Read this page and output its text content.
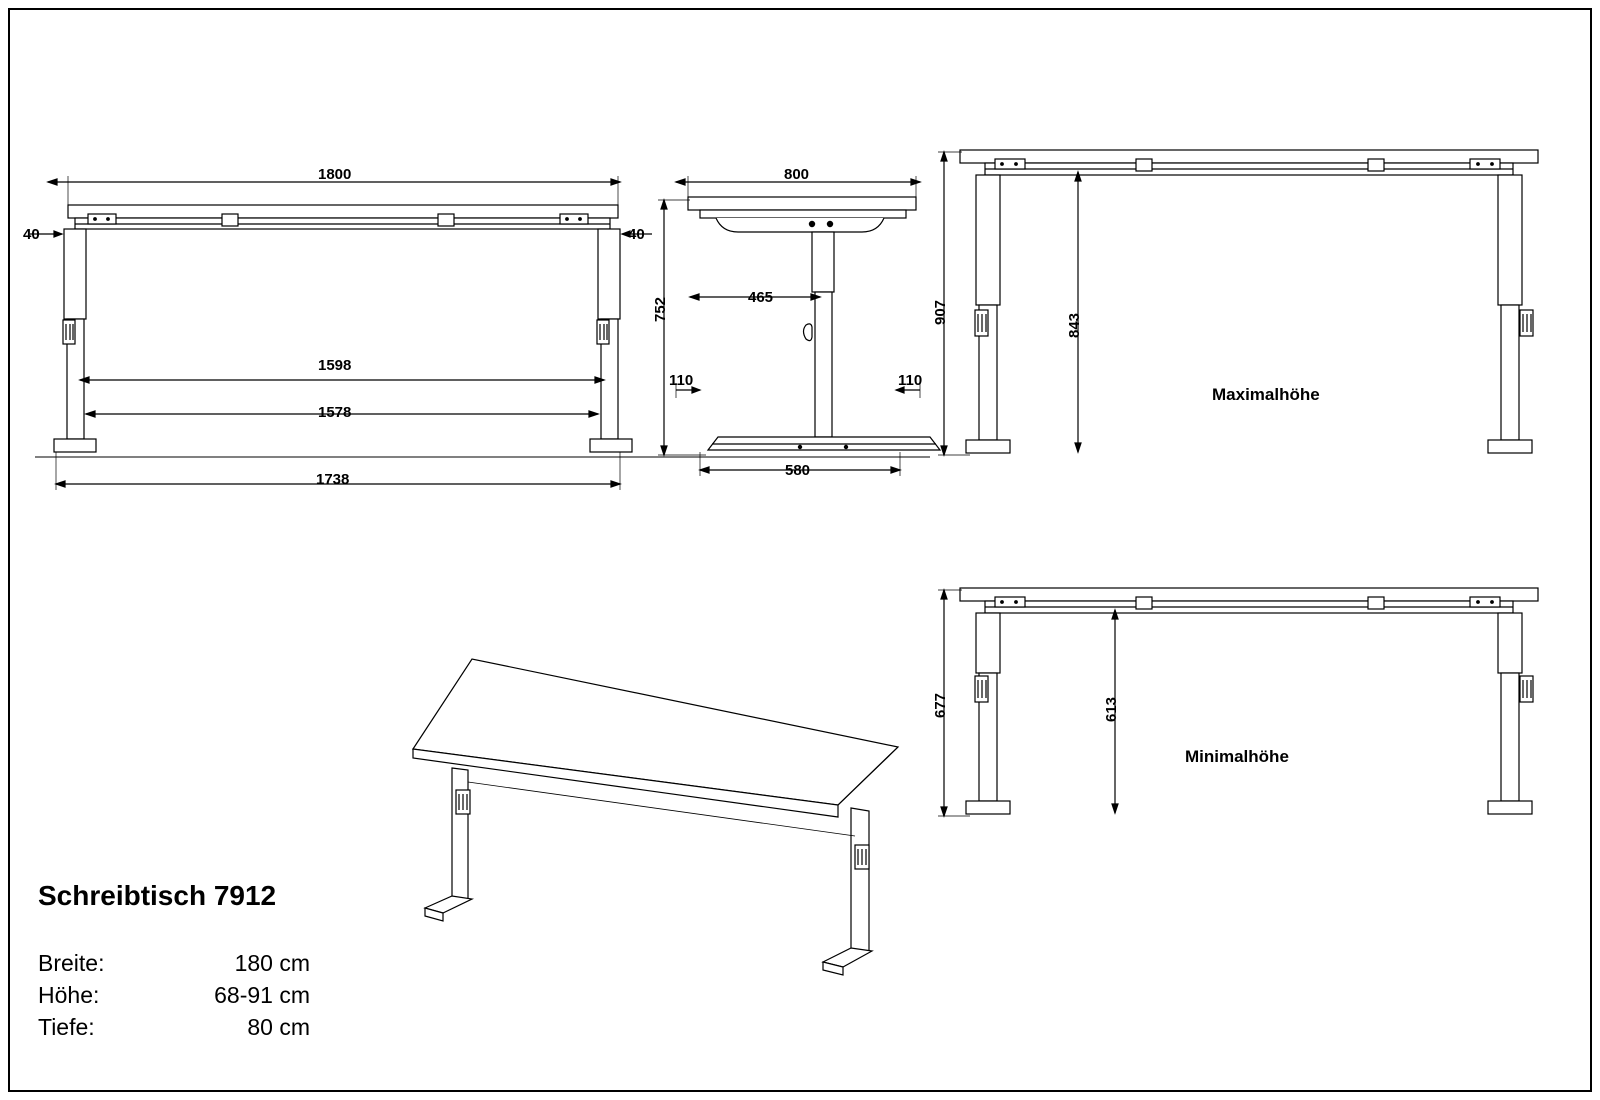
1800
40	40
1598
1578
1738
800
752	465
110	110
580
907
843
Maximalhöhe
677	613
Minimalhöhe
Schreibtisch 7912
Breite:	180 cm
Höhe:	68-91 cm
Tiefe:	80 cm
